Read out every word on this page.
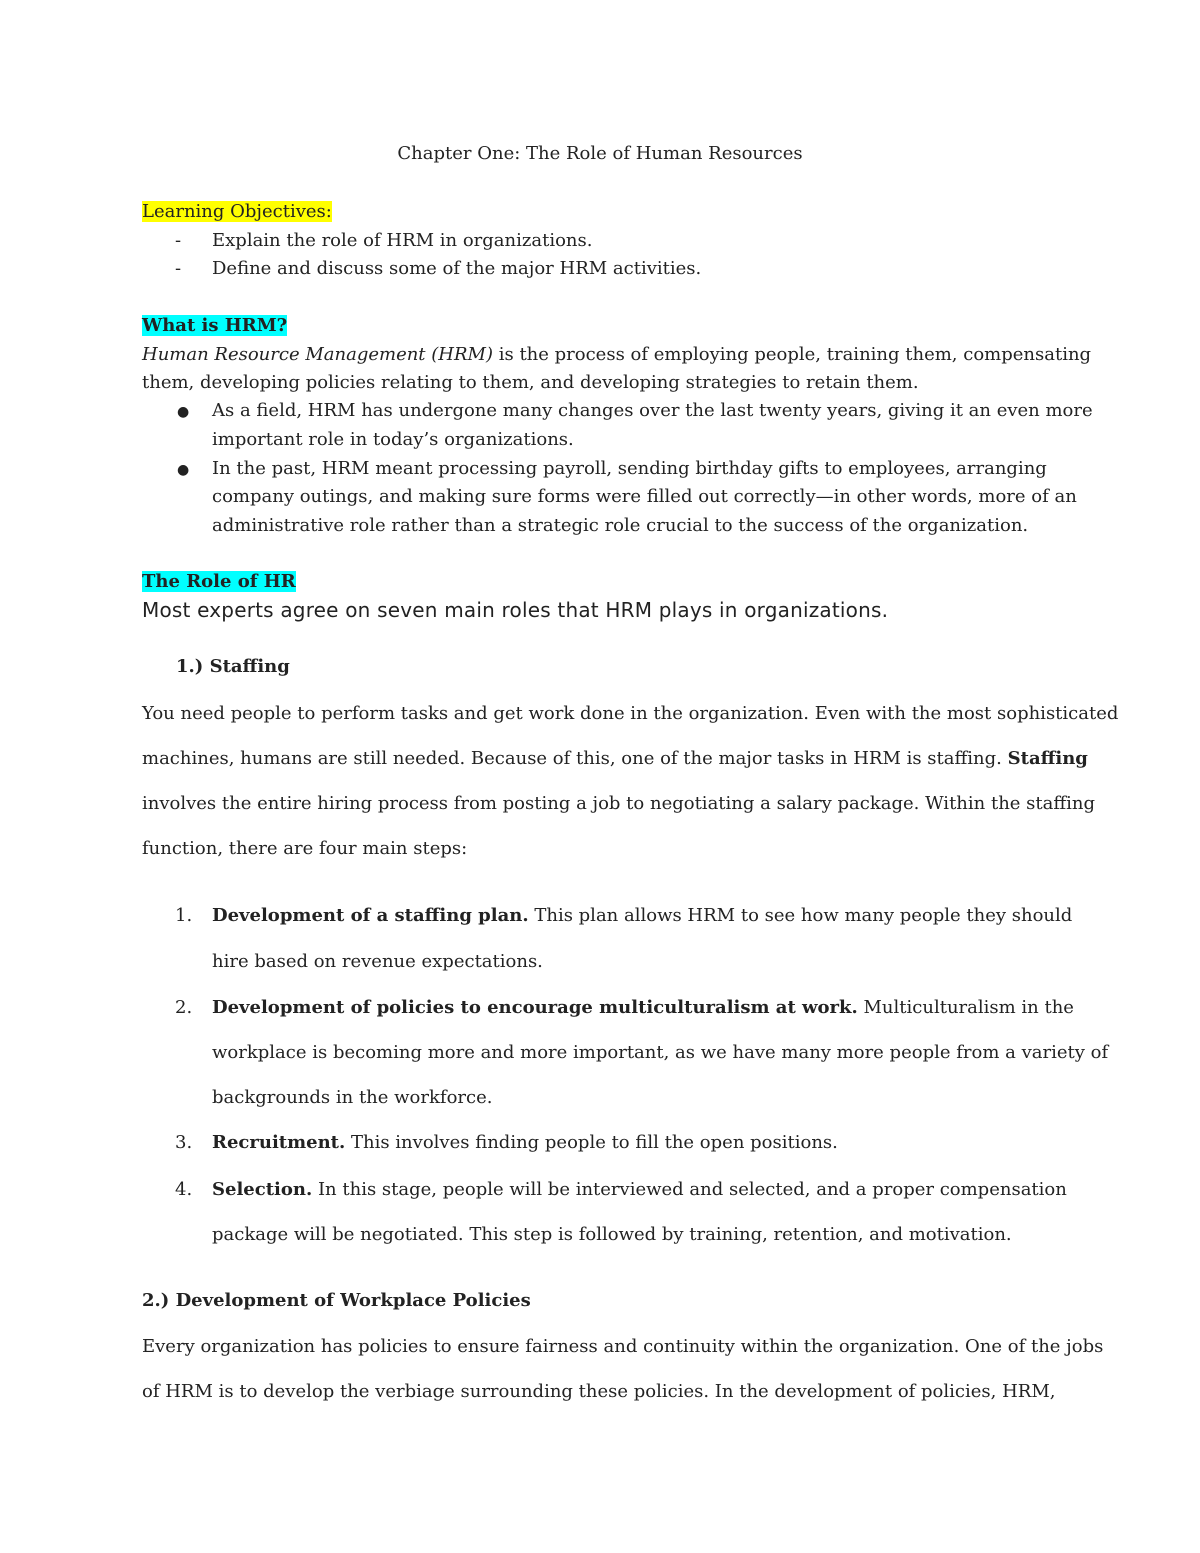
Chapter One: The Role of Human Resources
Learning Objectives:
- Explain the role of HRM in organizations.
- Define and discuss some of the major HRM activities.
What is HRM?
Human Resource Management (HRM) is the process of employing people, training them, compensating
them, developing policies relating to them, and developing strategies to retain them.
● As a field, HRM has undergone many changes over the last twenty years, giving it an even more
important role in today’s organizations.
● In the past, HRM meant processing payroll, sending birthday gifts to employees, arranging
company outings, and making sure forms were filled out correctly—in other words, more of an
administrative role rather than a strategic role crucial to the success of the organization.
The Role of HR
Most experts agree on seven main roles that HRM plays in organizations.
1.) Staffing
You need people to perform tasks and get work done in the organization. Even with the most sophisticated
machines, humans are still needed. Because of this, one of the major tasks in HRM is staffing. Staffing
involves the entire hiring process from posting a job to negotiating a salary package. Within the staffing
function, there are four main steps:
1. Development of a staffing plan. This plan allows HRM to see how many people they should
hire based on revenue expectations.
2. Development of policies to encourage multiculturalism at work. Multiculturalism in the
workplace is becoming more and more important, as we have many more people from a variety of
backgrounds in the workforce.
3. Recruitment. This involves finding people to fill the open positions.
4. Selection. In this stage, people will be interviewed and selected, and a proper compensation
package will be negotiated. This step is followed by training, retention, and motivation.
2.) Development of Workplace Policies
Every organization has policies to ensure fairness and continuity within the organization. One of the jobs
of HRM is to develop the verbiage surrounding these policies. In the development of policies, HRM,
